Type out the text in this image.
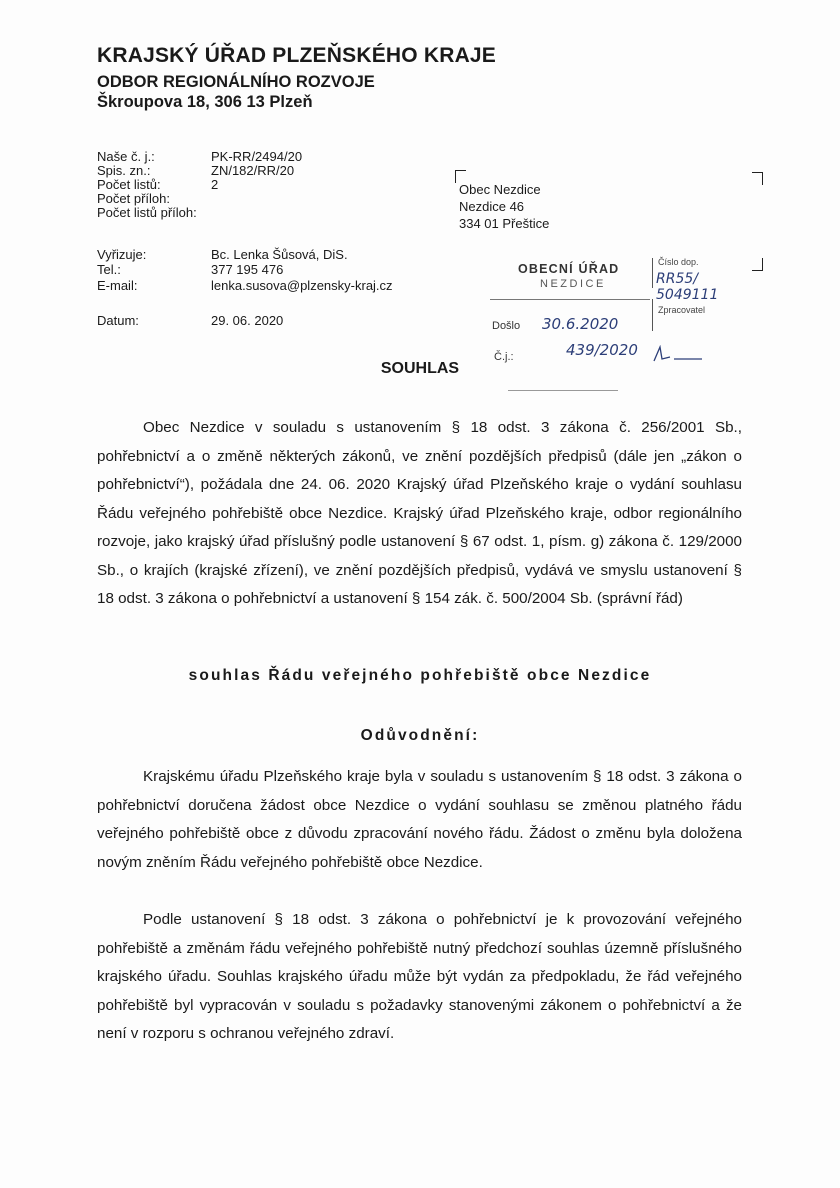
KRAJSKÝ ÚŘAD PLZEŇSKÉHO KRAJE
ODBOR REGIONÁLNÍHO ROZVOJE
Škroupova 18, 306 13 Plzeň
Naše č. j.:	PK-RR/2494/20
Spis. zn.:	ZN/182/RR/20
Počet listů:	2
Počet příloh:
Počet listů příloh:
Vyřizuje:	Bc. Lenka Šůsová, DiS.
Tel.:	377 195 476
E-mail:	lenka.susova@plzensky-kraj.cz
Datum:	29. 06. 2020
Obec Nezdice
Nezdice 46
334 01 Přeštice
OBECNÍ ÚŘAD
NEZDICE
Číslo dop.
RR55/ 5049111
Zpracovatel
Došlo 30.6.2020
Č.j.:	439/2020
SOUHLAS

Obec Nezdice v souladu s ustanovením § 18 odst. 3 zákona č. 256/2001 Sb., pohřebnictví a o změně některých zákonů, ve znění pozdějších předpisů (dále jen „zákon o pohřebnictví“), požádala dne 24. 06. 2020 Krajský úřad Plzeňského kraje o vydání souhlasu Řádu veřejného pohřebiště obce Nezdice. Krajský úřad Plzeňského kraje, odbor regionálního rozvoje, jako krajský úřad příslušný podle ustanovení § 67 odst. 1, písm. g) zákona č. 129/2000 Sb., o krajích (krajské zřízení), ve znění pozdějších předpisů, vydává ve smyslu ustanovení § 18 odst. 3 zákona o pohřebnictví a ustanovení § 154 zák. č. 500/2004 Sb. (správní řád)

souhlas Řádu veřejného pohřebiště obce Nezdice
Odůvodnění:

Krajskému úřadu Plzeňského kraje byla v souladu s ustanovením § 18 odst. 3 zákona o pohřebnictví doručena žádost obce Nezdice o vydání souhlasu se změnou platného řádu veřejného pohřebiště obce z důvodu zpracování nového řádu. Žádost o změnu byla doložena novým zněním Řádu veřejného pohřebiště obce Nezdice.

Podle ustanovení § 18 odst. 3 zákona o pohřebnictví je k provozování veřejného pohřebiště a změnám řádu veřejného pohřebiště nutný předchozí souhlas územně příslušného krajského úřadu. Souhlas krajského úřadu může být vydán za předpokladu, že řád veřejného pohřebiště byl vypracován v souladu s požadavky stanovenými zákonem o pohřebnictví a že není v rozporu s ochranou veřejného zdraví.
